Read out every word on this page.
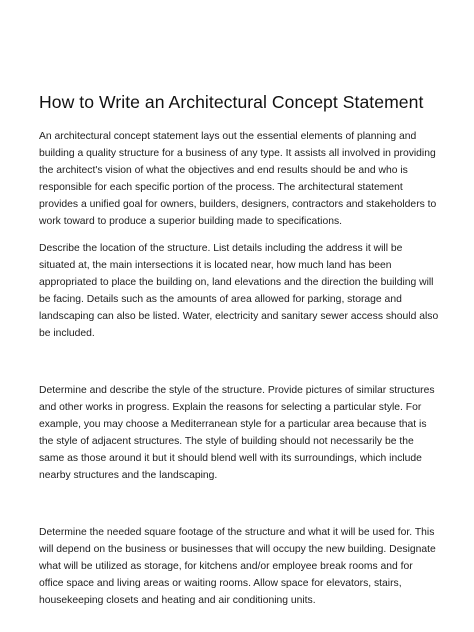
How to Write an Architectural Concept Statement

An architectural concept statement lays out the essential elements of planning and building a quality structure for a business of any type. It assists all involved in providing the architect's vision of what the objectives and end results should be and who is responsible for each specific portion of the process. The architectural statement provides a unified goal for owners, builders, designers, contractors and stakeholders to work toward to produce a superior building made to specifications.

Describe the location of the structure. List details including the address it will be situated at, the main intersections it is located near, how much land has been appropriated to place the building on, land elevations and the direction the building will be facing. Details such as the amounts of area allowed for parking, storage and landscaping can also be listed. Water, electricity and sanitary sewer access should also be included.

Determine and describe the style of the structure. Provide pictures of similar structures and other works in progress. Explain the reasons for selecting a particular style. For example, you may choose a Mediterranean style for a particular area because that is the style of adjacent structures. The style of building should not necessarily be the same as those around it but it should blend well with its surroundings, which include nearby structures and the landscaping.

Determine the needed square footage of the structure and what it will be used for. This will depend on the business or businesses that will occupy the new building. Designate what will be utilized as storage, for kitchens and/or employee break rooms and for office space and living areas or waiting rooms. Allow space for elevators, stairs, housekeeping closets and heating and air conditioning units.
